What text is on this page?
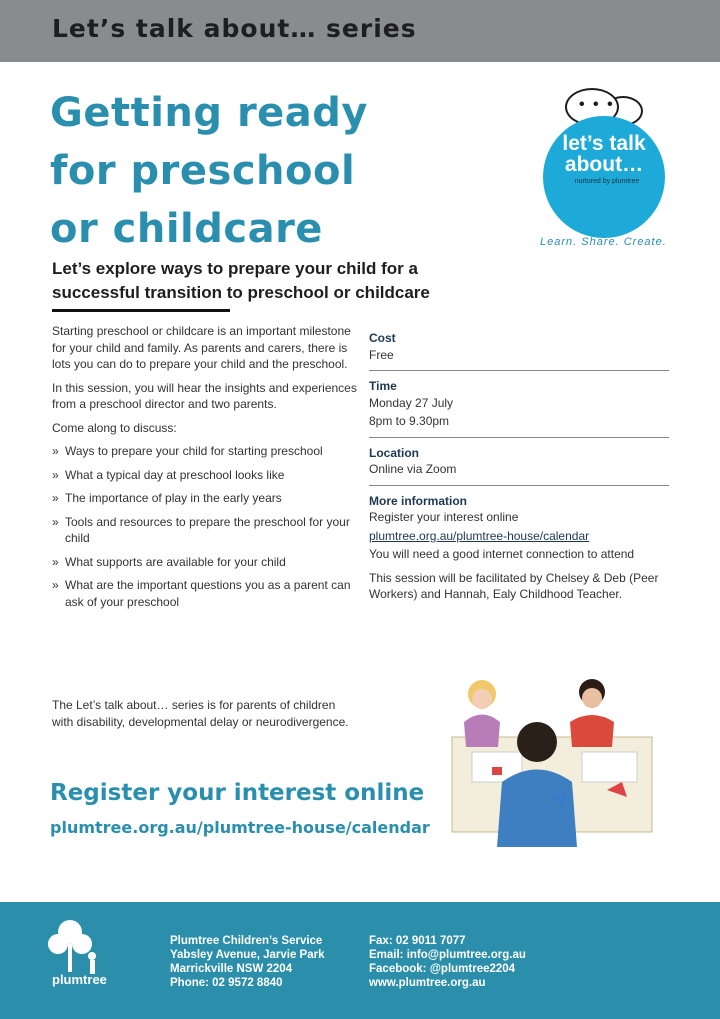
Let’s talk about… series
Getting ready
for preschool
or childcare
• • •
let’s talk
about…
nurtured by plumtree
Learn. Share. Create.
Let’s explore ways to prepare your child for a successful transition to preschool or childcare

Starting preschool or childcare is an important milestone for your child and family. As parents and carers, there is lots you can do to prepare your child and the preschool.

In this session, you will hear the insights and experiences from a preschool director and two parents.

Come along to discuss:

» Ways to prepare your child for starting preschool
» What a typical day at preschool looks like
» The importance of play in the early years
» Tools and resources to prepare the preschool for your child
» What supports are available for your child
» What are the important questions you as a parent can ask of your preschool
The Let’s talk about… series is for parents of children with disability, developmental delay or neurodivergence.
Cost

Free

Time

Monday 27 July

8pm to 9.30pm

Location

Online via Zoom

More information

Register your interest online

plumtree.org.au/plumtree-house/calendar

You will need a good internet connection to attend

This session will be facilitated by Chelsey & Deb (Peer Workers) and Hannah, Ealy Childhood Teacher.

Register your interest online
plumtree.org.au/plumtree-house/calendar
plumtree
Plumtree Children’s Service
Yabsley Avenue, Jarvie Park
Marrickville NSW 2204
Phone: 02 9572 8840
Fax: 02 9011 7077
Email: info@plumtree.org.au
Facebook: @plumtree2204
www.plumtree.org.au
